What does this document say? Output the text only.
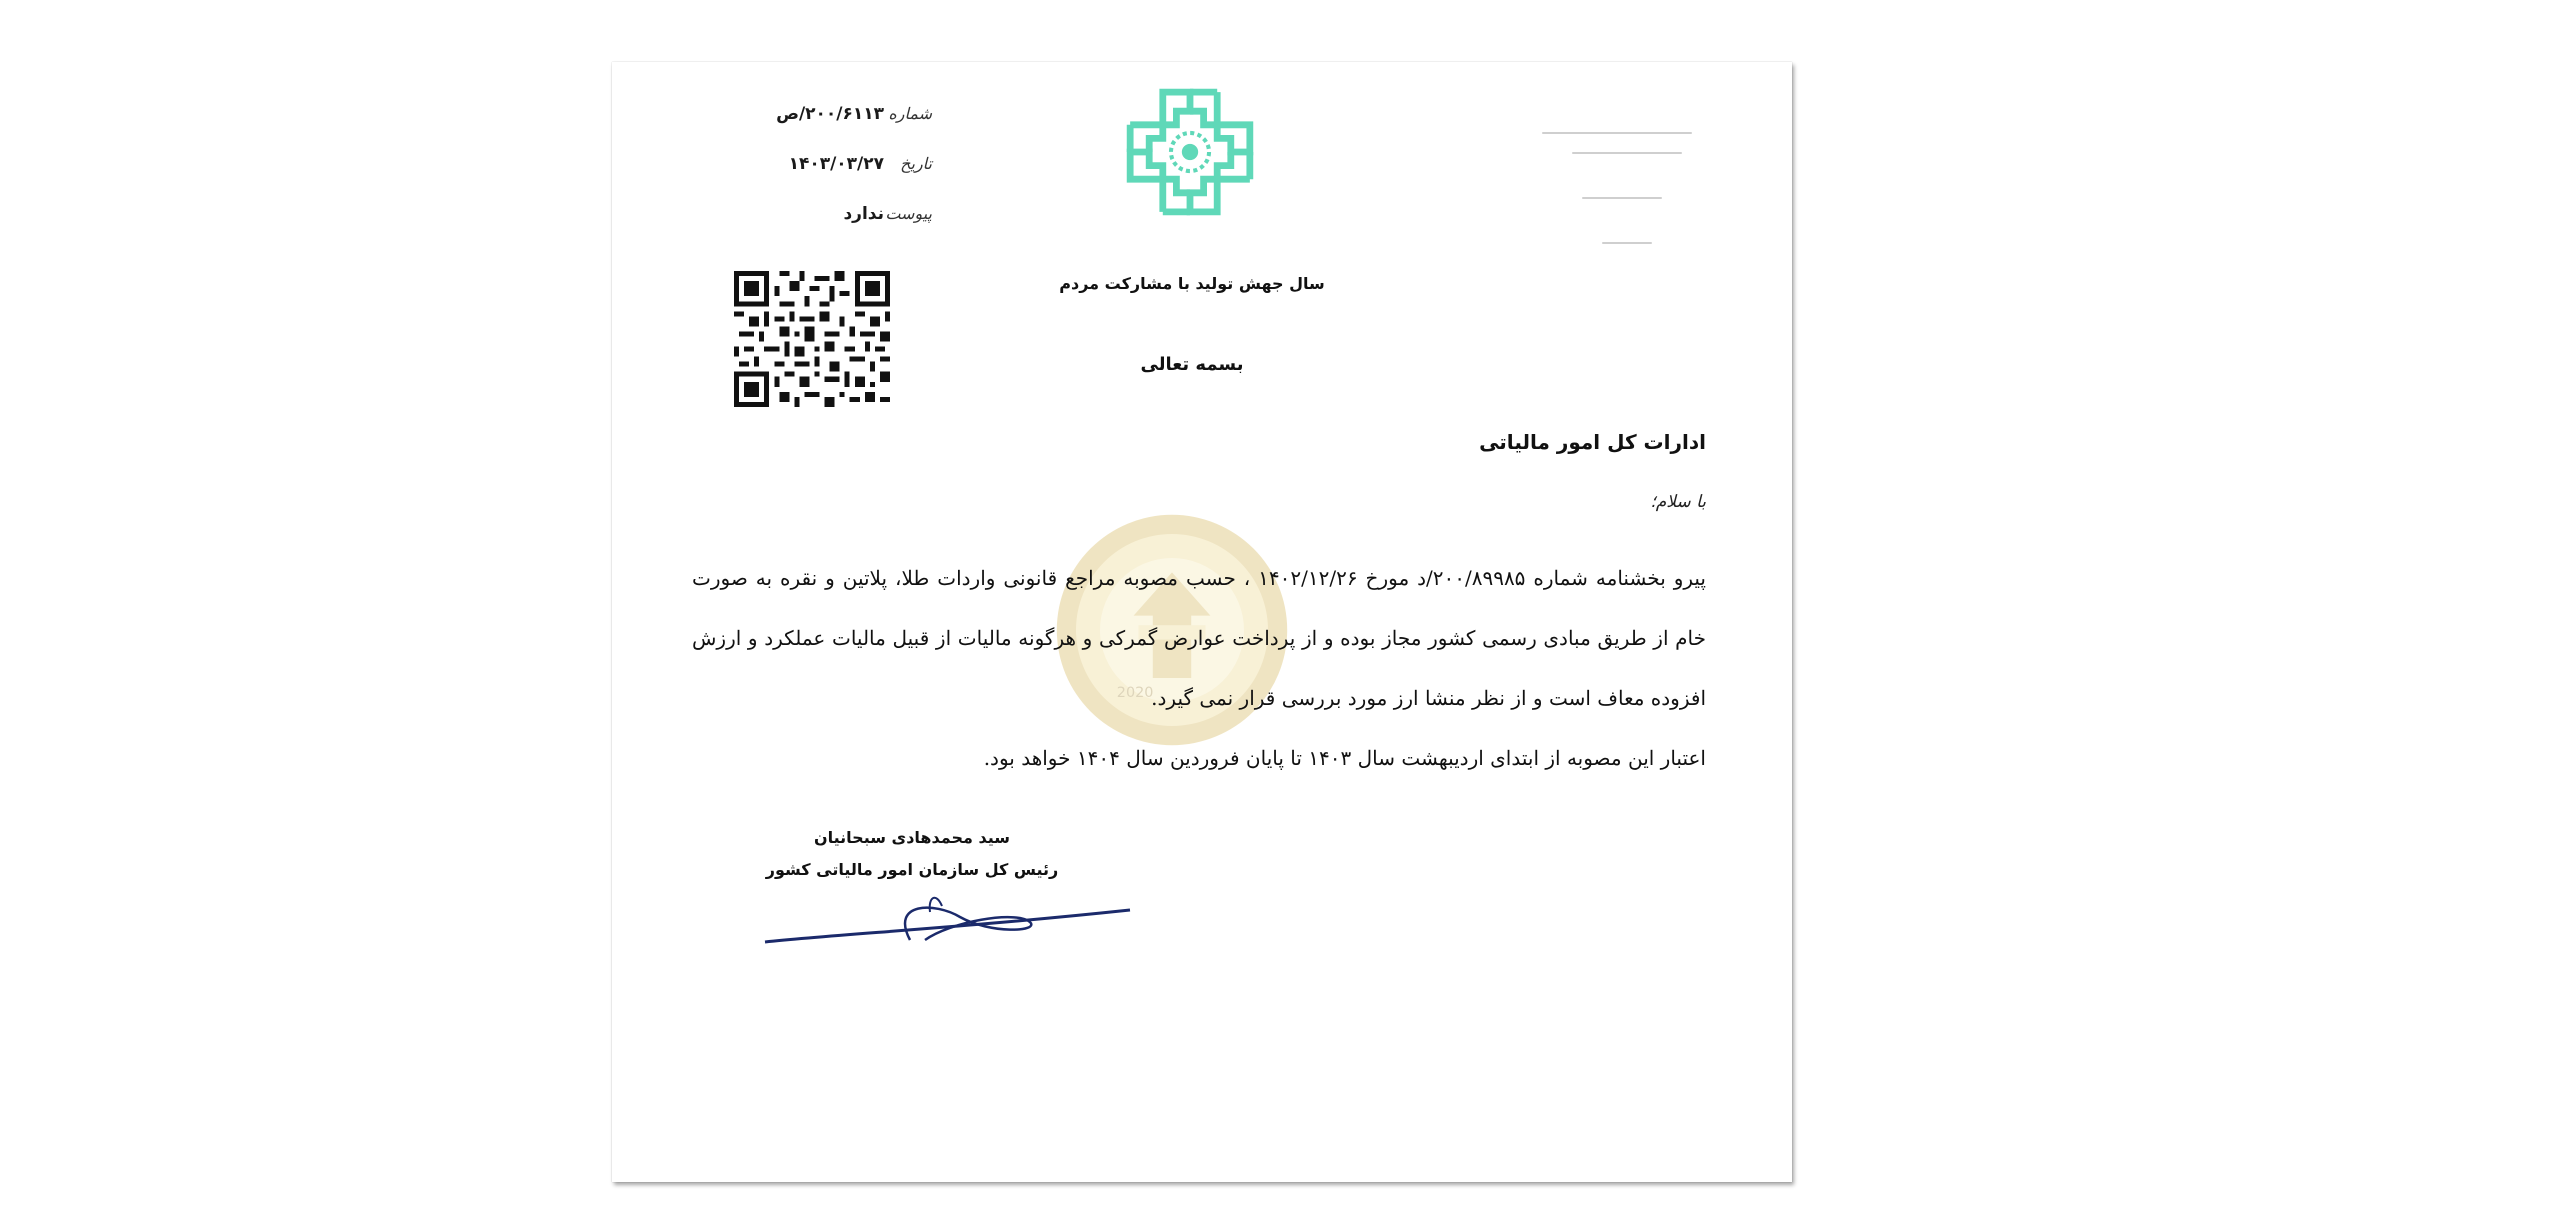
شماره
۲۰۰/۶۱۱۳/ص
تاریخ
۱۴۰۳/۰۳/۲۷
پیوست
ندارد
سال جهش تولید با مشارکت مردم
بسمه تعالی
ادارات کل امور مالیاتی
با سلام؛
2020

پیرو بخشنامه شماره ۲۰۰/۸۹۹۸۵/د مورخ ۱۴۰۲/۱۲/۲۶ ، حسب مصوبه مراجع قانونی واردات طلا، پلاتین و نقره به صورت خام از طریق مبادی رسمی کشور مجاز بوده و از پرداخت عوارض گمرکی و هرگونه مالیات از قبیل مالیات عملکرد و ارزش افزوده معاف است و از نظر منشا ارز مورد بررسی قرار نمی گیرد.

اعتبار این مصوبه از ابتدای اردیبهشت سال ۱۴۰۳ تا پایان فروردین سال ۱۴۰۴ خواهد بود.

سید محمدهادی سبحانیان
رئیس کل سازمان امور مالیاتی کشور
